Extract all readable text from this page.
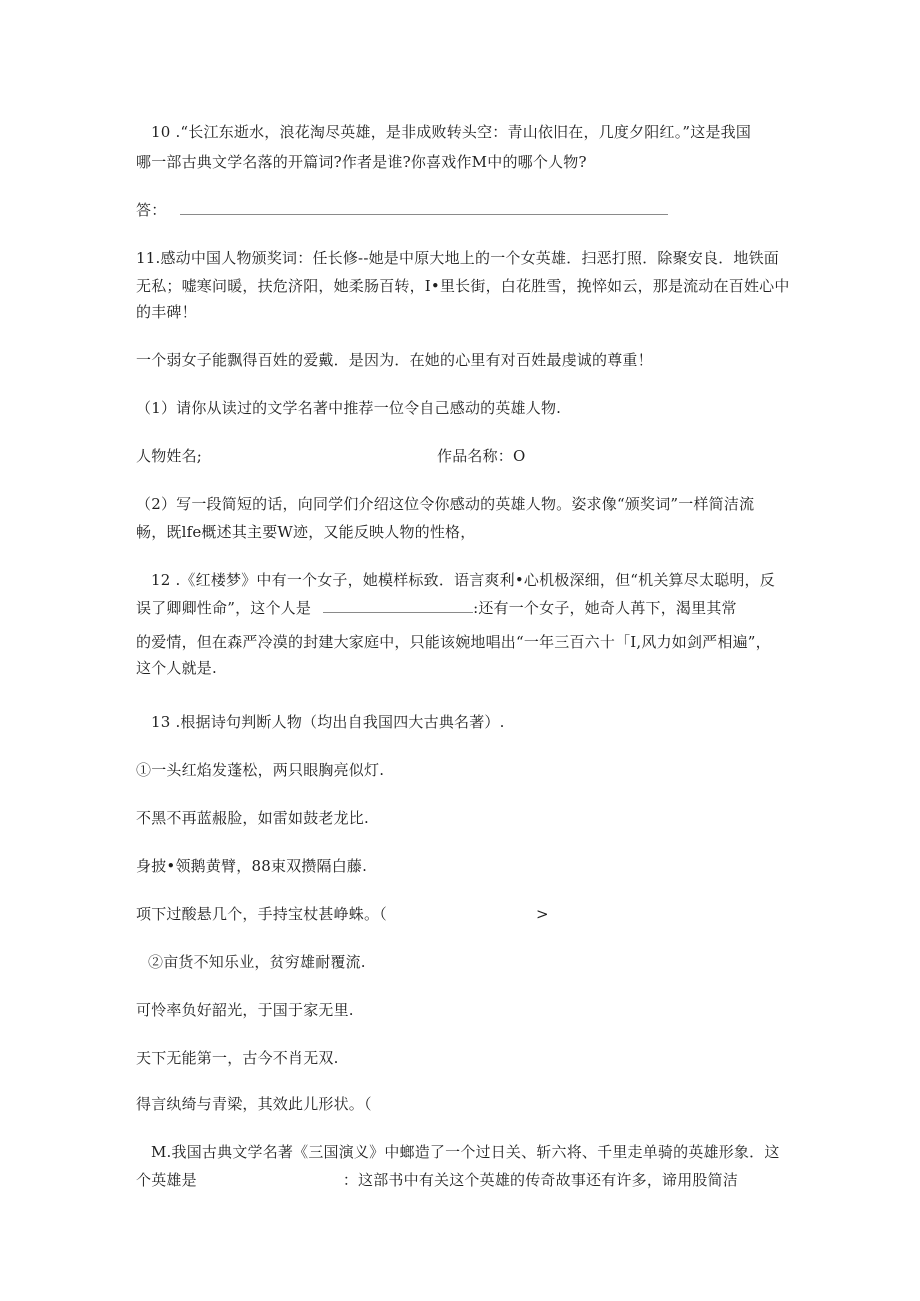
10 .“长江东逝水，浪花淘尽英雄，是非成败转头空：青山依旧在，几度夕阳红。”这是我国
哪一部古典文学名落的开篇词?作者是谁?你喜戏作M中的哪个人物?
答：
11.感动中国人物颁奖词：任长修--她是中原大地上的一个女英雄．扫恶打照．除聚安良．地铁面
无私；嘘寒问暖，扶危济阳，她柔肠百转，I•里长街，白花胜雪，挽悴如云，那是流动在百姓心中
的丰碑！
一个弱女子能飘得百姓的爱戴．是因为．在她的心里有对百姓最虔诚的尊重！
（1）请你从读过的文学名著中推荐一位令自己感动的英雄人物.
人物姓名;	作品名称：O
（2）写一段简短的话，向同学们介绍这位令你感动的英雄人物。姿求像“颁奖词”一样简洁流
畅，既lfe概述其主要W迹，又能反映人物的性格，
12 .《红楼梦》中有一个女子，她模样标致．语言爽利•心机极深细，但“机关算尽太聪明，反
误了卿卿性命”，这个人是	:还有一个女子，她奇人苒下，渴里其常
的爱情，但在森严冷漠的封建大家庭中，只能该婉地唱出“一年三百六十「I,风力如剑严相遍”，
这个人就是.
13 .根据诗句判断人物（均出自我国四大古典名著）.
①一头红焰发蓬松，两只眼胸亮似灯.
不黑不再蓝赧脸，如雷如鼓老龙比.
身披•领鹅黄臂，88束双攒隔白藤.
项下过酸悬几个，手持宝杖甚峥蛛。（	>
②亩货不知乐业，贫穷雄耐覆流.
可怜率负好韶光，于国于家无里.
天下无能第一，古今不肖无双.
得言纨绮与青梁，其效此儿形状。（
M.我国古典文学名著《三国演义》中螂造了一个过日关、斩六将、千里走单骑的英雄形象．这
个英雄是	：这部书中有关这个英雄的传奇故事还有许多，谛用股简洁
